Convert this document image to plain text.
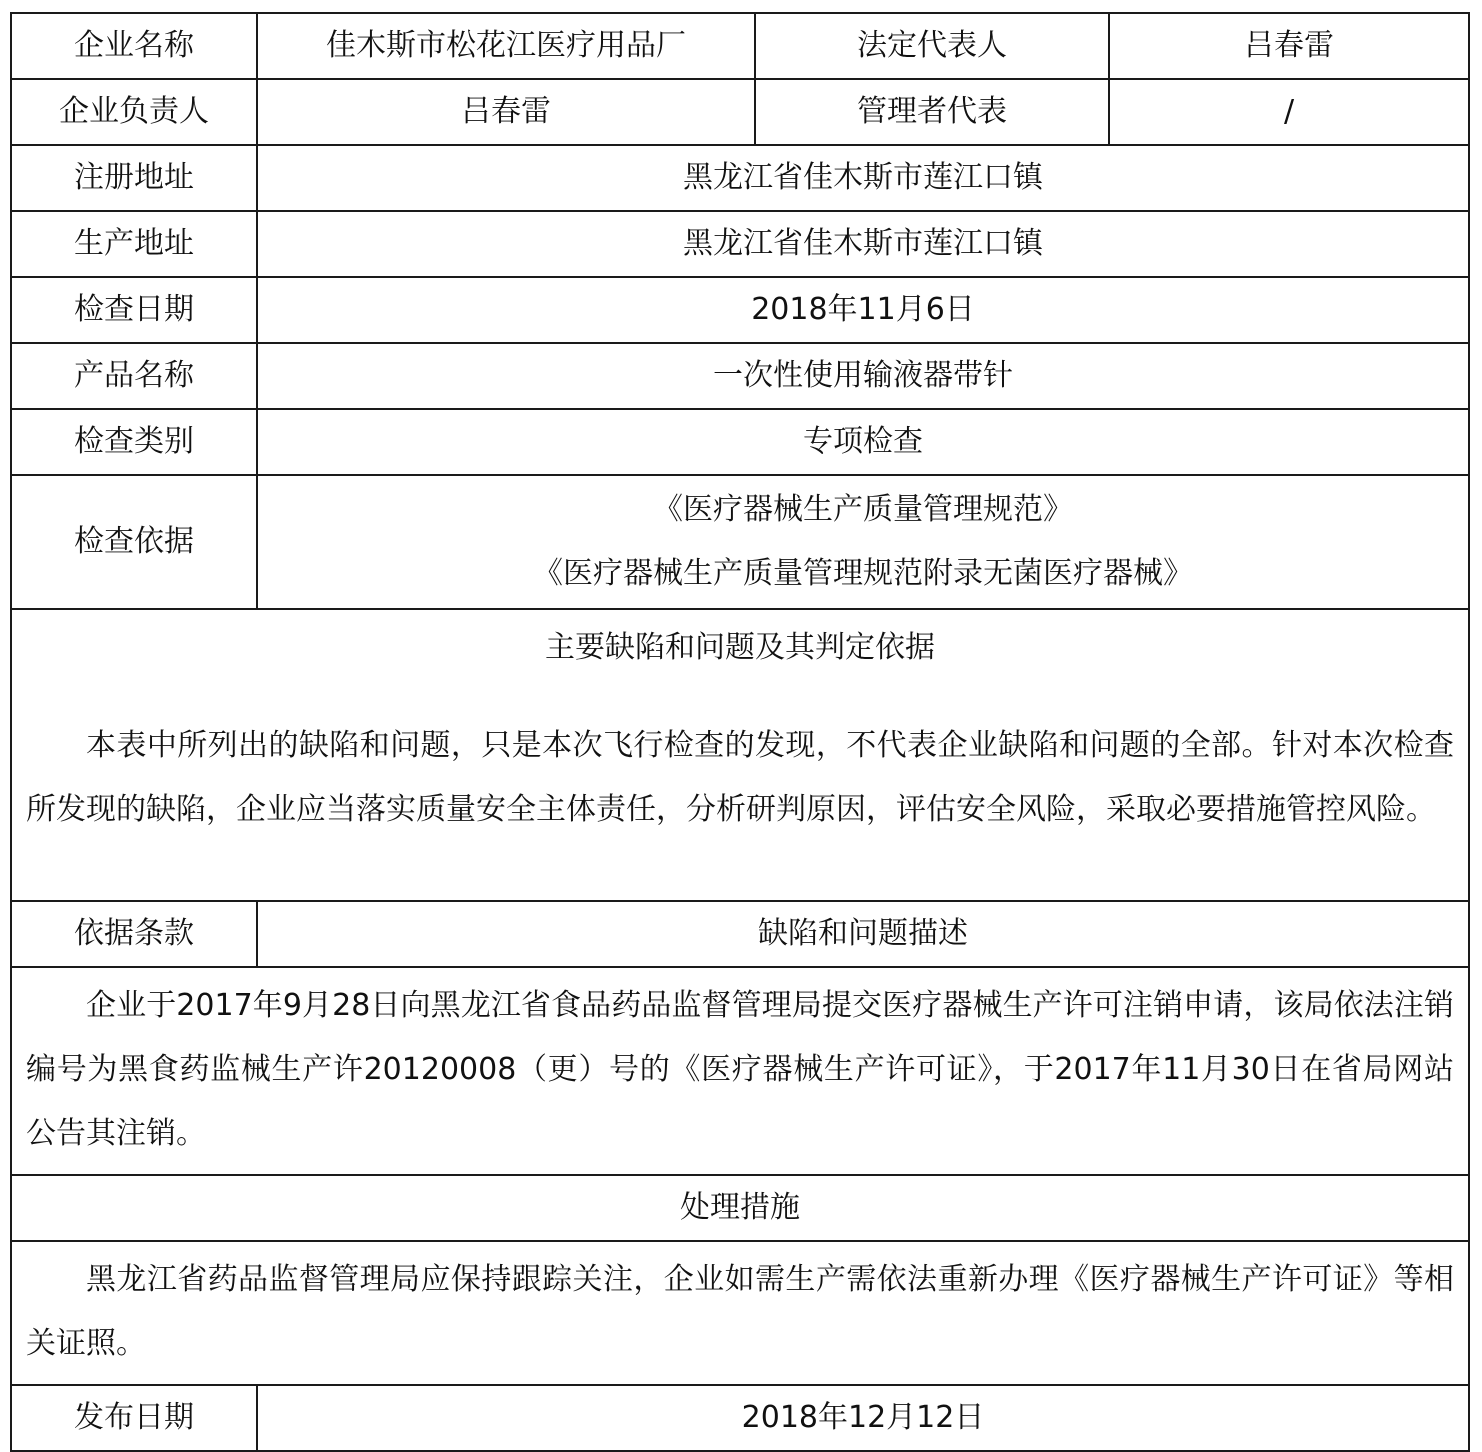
企业名称	佳木斯市松花江医疗用品厂	法定代表人	吕春雷
企业负责人	吕春雷	管理者代表	/
注册地址	黑龙江省佳木斯市莲江口镇		
生产地址	黑龙江省佳木斯市莲江口镇		
检查日期	2018年11月6日		
产品名称	一次性使用输液器带针		
检查类别	专项检查		
检查依据	《医疗器械生产质量管理规范》
《医疗器械生产质量管理规范附录无菌医疗器械》		

主要缺陷和问题及其判定依据
本表中所列出的缺陷和问题，只是本次飞行检查的发现，不代表企业缺陷和问题的全部。针对本次检查所发现的缺陷，企业应当落实质量安全主体责任，分析研判原因，评估安全风险，采取必要措施管控风险。			

依据条款	缺陷和问题描述		

企业于2017年9月28日向黑龙江省食品药品监督管理局提交医疗器械生产许可注销申请，该局依法注销编号为黑食药监械生产许20120008（更）号的《医疗器械生产许可证》，于2017年11月30日在省局网站公告其注销。			

处理措施			

黑龙江省药品监督管理局应保持跟踪关注，企业如需生产需依法重新办理《医疗器械生产许可证》等相关证照。			

发布日期	2018年12月12日		
